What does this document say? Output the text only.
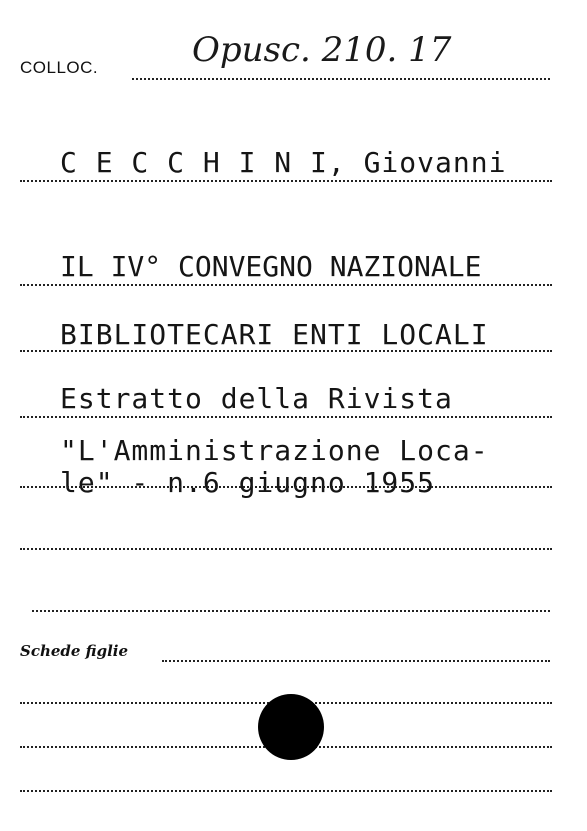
COLLOC.	Opusc. 210. 17
C E C C H I N I, Giovanni
IL IV° CONVEGNO NAZIONALE
BIBLIOTECARI ENTI LOCALI
Estratto della Rivista
"L'Amministrazione Loca-
le" - n.6 giugno 1955
Schede figlie
